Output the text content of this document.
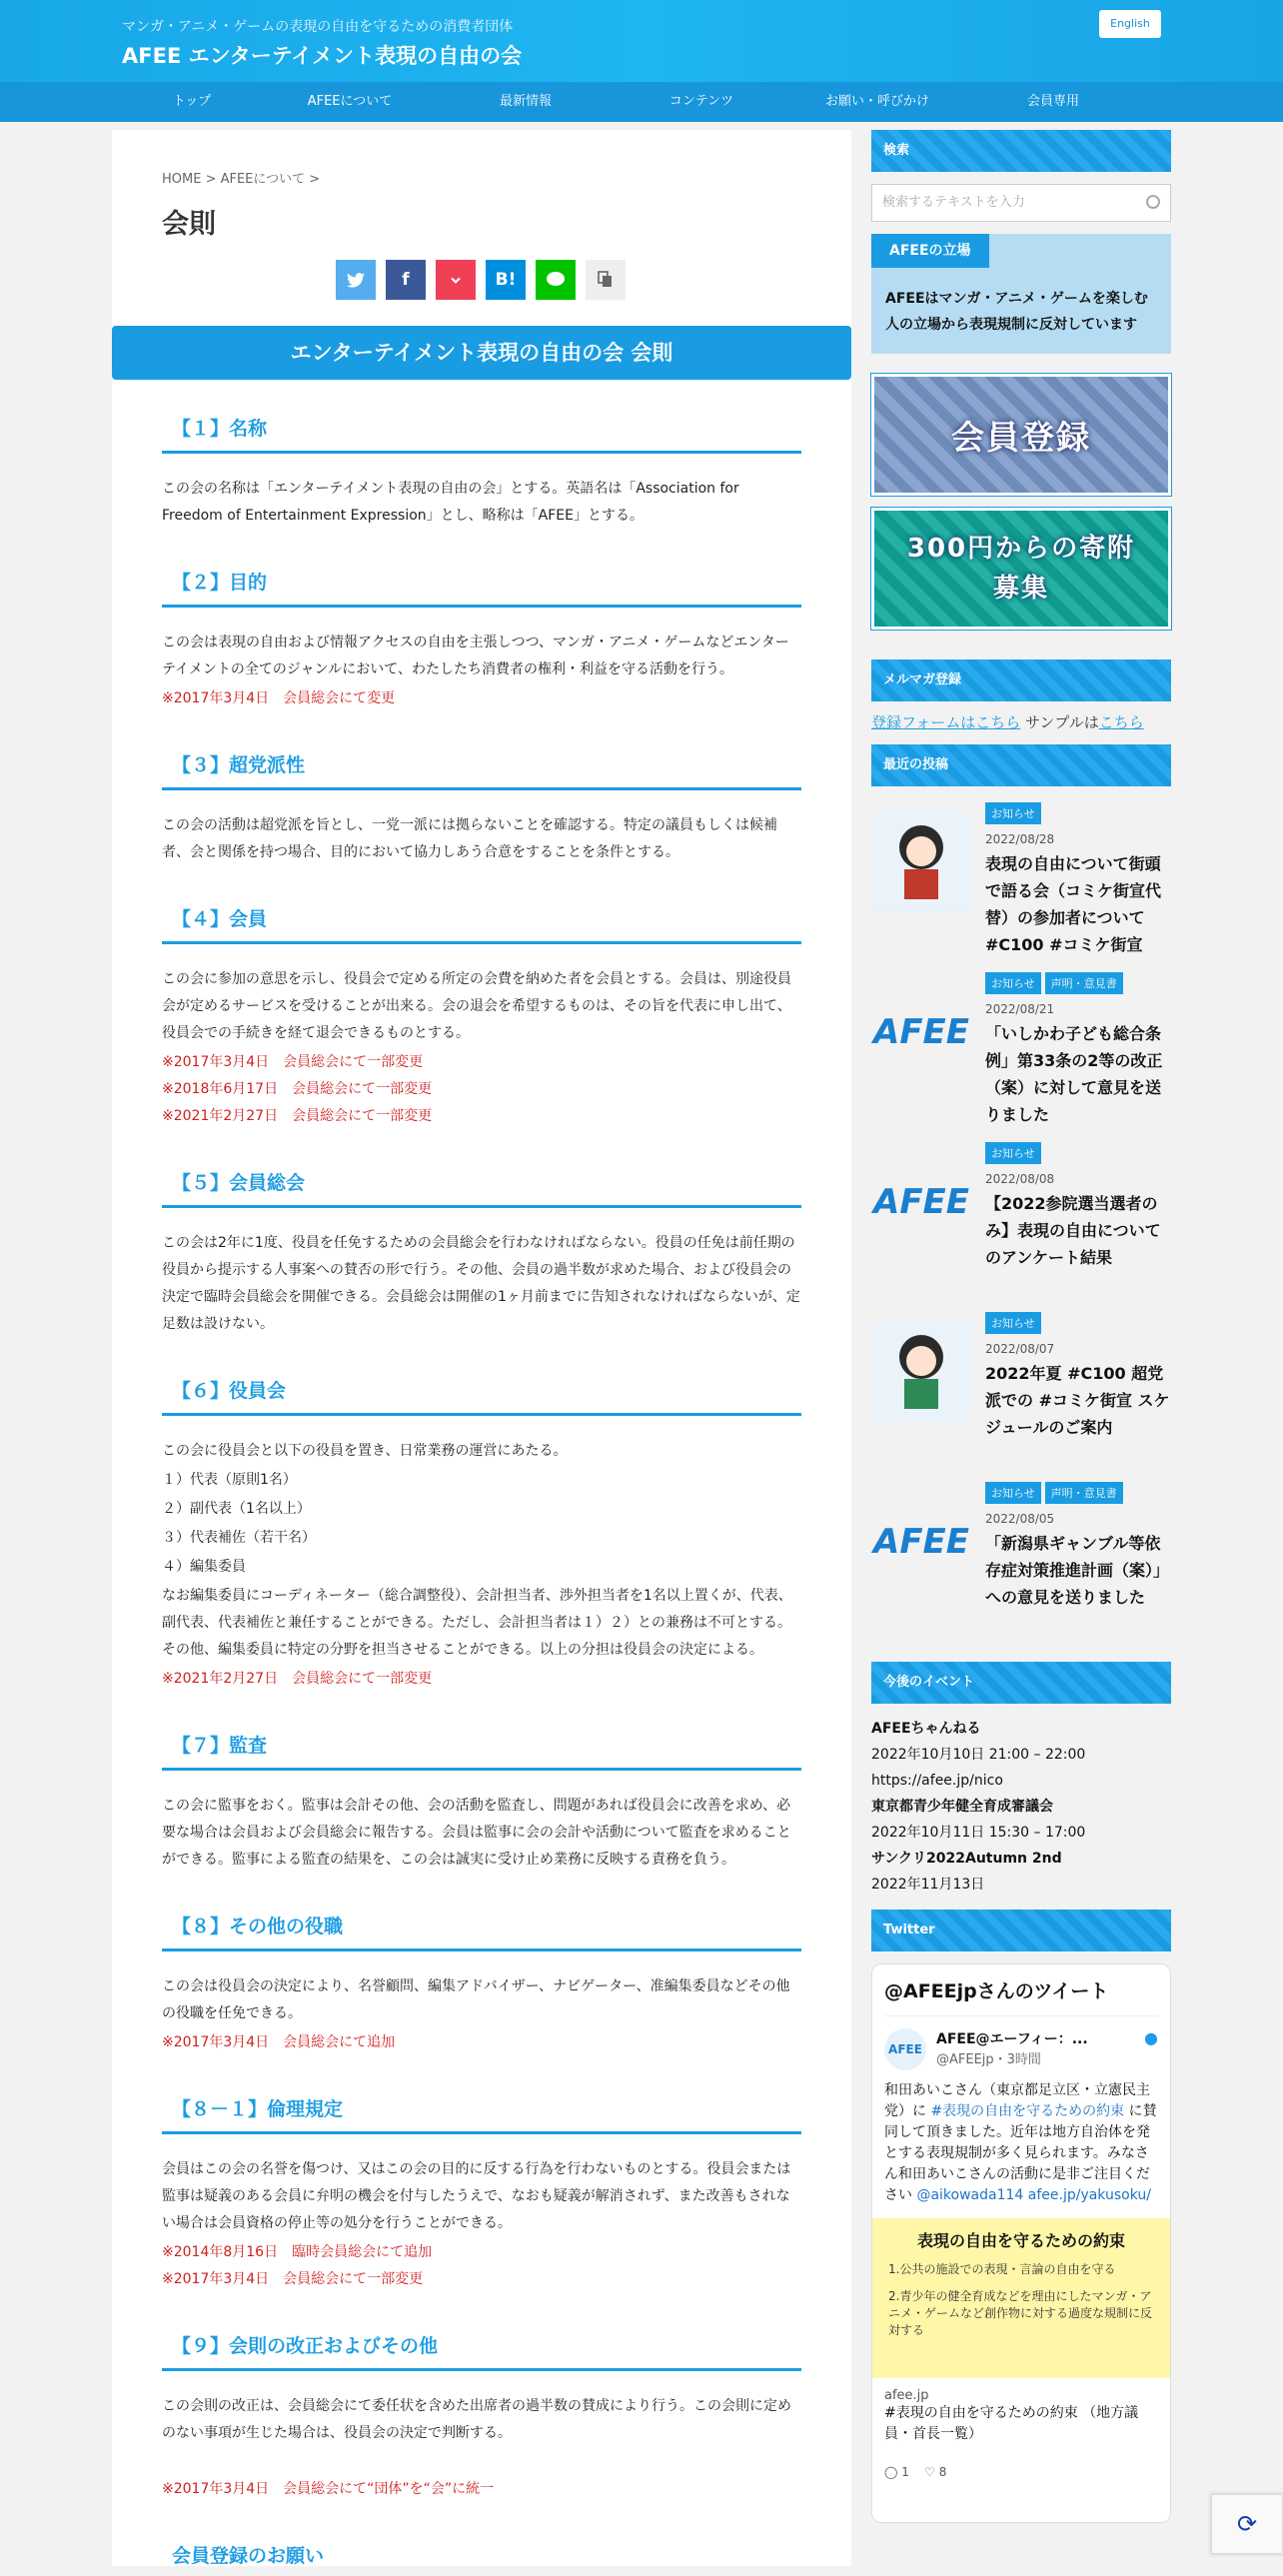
マンガ・アニメ・ゲームの表現の自由を守るための消費者団体
AFEE エンターテイメント表現の自由の会
English
トップ	AFEEについて	最新情報	コンテンツ	お願い・呼びかけ	会員専用
HOME > AFEEについて >
会則
f	B!
エンターテイメント表現の自由の会 会則
【１】名称
この会の名称は「エンターテイメント表現の自由の会」とする。英語名は「Association for Freedom of Entertainment Expression」とし、略称は「AFEE」とする。
【２】目的
この会は表現の自由および情報アクセスの自由を主張しつつ、マンガ・アニメ・ゲームなどエンターテイメントの全てのジャンルにおいて、わたしたち消費者の権利・利益を守る活動を行う。
※2017年3月4日　会員総会にて変更
【３】超党派性
この会の活動は超党派を旨とし、一党一派には拠らないことを確認する。特定の議員もしくは候補者、会と関係を持つ場合、目的において協力しあう合意をすることを条件とする。
【４】会員
この会に参加の意思を示し、役員会で定める所定の会費を納めた者を会員とする。会員は、別途役員会が定めるサービスを受けることが出来る。会の退会を希望するものは、その旨を代表に申し出て、役員会での手続きを経て退会できるものとする。
※2017年3月4日　会員総会にて一部変更
※2018年6月17日　会員総会にて一部変更
※2021年2月27日　会員総会にて一部変更
【５】会員総会
この会は2年に1度、役員を任免するための会員総会を行わなければならない。役員の任免は前任期の役員から提示する人事案への賛否の形で行う。その他、会員の過半数が求めた場合、および役員会の決定で臨時会員総会を開催できる。会員総会は開催の1ヶ月前までに告知されなければならないが、定足数は設けない。
【６】役員会
この会に役員会と以下の役員を置き、日常業務の運営にあたる。
１）代表（原則1名）
２）副代表（1名以上）
３）代表補佐（若干名）
４）編集委員
なお編集委員にコーディネーター（総合調整役）、会計担当者、渉外担当者を1名以上置くが、代表、副代表、代表補佐と兼任することができる。ただし、会計担当者は１）２）との兼務は不可とする。その他、編集委員に特定の分野を担当させることができる。以上の分担は役員会の決定による。
※2021年2月27日　会員総会にて一部変更
【７】監査
この会に監事をおく。監事は会計その他、会の活動を監査し、問題があれば役員会に改善を求め、必要な場合は会員および会員総会に報告する。会員は監事に会の会計や活動について監査を求めることができる。監事による監査の結果を、この会は誠実に受け止め業務に反映する責務を負う。
【８】その他の役職
この会は役員会の決定により、名誉顧問、編集アドバイザー、ナビゲーター、准編集委員などその他の役職を任免できる。
※2017年3月4日　会員総会にて追加
【８－１】倫理規定
会員はこの会の名誉を傷つけ、又はこの会の目的に反する行為を行わないものとする。役員会または監事は疑義のある会員に弁明の機会を付与したうえで、なおも疑義が解消されず、また改善もされない場合は会員資格の停止等の処分を行うことができる。
※2014年8月16日　臨時会員総会にて追加
※2017年3月4日　会員総会にて一部変更
【９】会則の改正およびその他
この会則の改正は、会員総会にて委任状を含めた出席者の過半数の賛成により行う。この会則に定めのない事項が生じた場合は、役員会の決定で判断する。
※2017年3月4日　会員総会にて“団体”を“会”に統一
会員登録のお願い
検索
検索するテキストを入力
AFEEの立場
AFEEはマンガ・アニメ・ゲームを楽しむ人の立場から表現規制に反対しています
会員登録
300円からの寄附募集
メルマガ登録
登録フォームはこちら サンプルはこちら
最近の投稿
お知らせ
2022/08/28
表現の自由について街頭で語る会（コミケ街宣代替）の参加者について #C100 #コミケ街宣
AFEE
お知らせ 声明・意見書
2022/08/21
「いしかわ子ども総合条例」第33条の2等の改正（案）に対して意見を送りました
AFEE
お知らせ
2022/08/08
【2022参院選当選者のみ】表現の自由についてのアンケート結果
お知らせ
2022/08/07
2022年夏 #C100 超党派での #コミケ街宣 スケジュールのご案内
AFEE
お知らせ 声明・意見書
2022/08/05
「新潟県ギャンブル等依存症対策推進計画（案）」への意見を送りました
今後のイベント
AFEEちゃんねる
2022年10月10日 21:00 – 22:00
https://afee.jp/nico
東京都青少年健全育成審議会
2022年10月11日 15:30 – 17:00
サンクリ2022Autumn 2nd
2022年11月13日
Twitter
@AFEEjpさんのツイート
AFEE
AFEE@エーフィー：...
@AFEEjp・3時間
●
和田あいこさん（東京都足立区・立憲民主党）に #表現の自由を守るための約束 に賛同して頂きました。近年は地方自治体を発とする表現規制が多く見られます。みなさん和田あいこさんの活動に是非ご注目ください @aikowada114 afee.jp/yakusoku/
表現の自由を守るための約束
1.公共の施設での表現・言論の自由を守る
2.青少年の健全育成などを理由にしたマンガ・アニメ・ゲームなど創作物に対する過度な規制に反対する
afee.jp
#表現の自由を守るための約束 （地方議員・首長一覧）
◯ 1 ♡ 8
⟳
